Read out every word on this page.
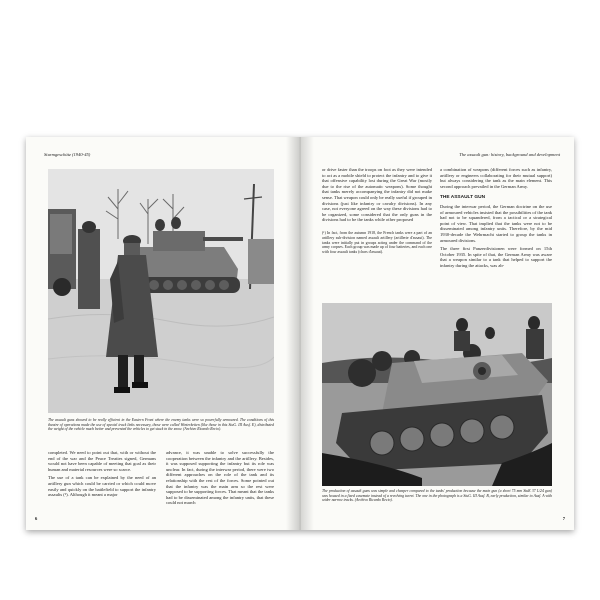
Sturmgeschütz (1940-45)
The assault guns showed to be really efficient in the Eastern Front where the enemy tanks were so powerfully armoured. The conditions of this theatre of operations made the use of special track links necessary, those were called Winterketten (like those in this StuG. III Ausf. E), distributed the weight of the vehicle much better and prevented the vehicles to get stuck in the snow. (Archivo Ricardo Recio).

completed. We need to point out that, with or without the end of the war and the Peace Treaties signed, Germans would not have been capable of meeting that goal as their human and material resources were so scarce.

The use of a tank can be explained by the need of an artillery gun which could be carried or which could move easily and quickly on the battlefield to support the infantry assaults (¹). Although it meant a major

advance, it was unable to solve successfully the cooperation between the infantry and the artillery. Besides, it was supposed supporting the infantry but its role was unclear. In fact, during the interwar period, there were two different approaches on the role of the tank and its relationship with the rest of the forces. Some pointed out that the infantry was the main arm so the rest were supposed to be supporting forces. That meant that the tanks had to be disseminated among the infantry units, that these could not march

6
The assault gun: history, background and development

or drive faster than the troops on foot as they were intended to act as a mobile shield to protect the infantry and to give it that offensive capability lost during the Great War (mostly due to the rise of the automatic weapons). Some thought that tanks merely accompanying the infantry did not make sense. That weapon could only be really useful if grouped in divisions (just like infantry or cavalry divisions). In any case, not everyone agreed on the way these divisions had to be organized, some considered that the only guns in the divisions had to be the tanks while other proposed

(¹) In fact, from the autumn 1918, the French tanks were a part of an artillery sub-division named assault artillery (artillerie d'assaut). The tanks were initially put in groups acting under the command of the army corpses. Each group was made up of four batteries, and each one with four assault tanks (chars d'assaut).

a combination of weapons (different forces such as infantry, artillery or engineers collaborating for their mutual support) but always considering the tank as the main element. This second approach prevailed in the German Army.

THE ASSAULT GUN

During the interwar period, the German doctrine on the use of armoured vehicles insisted that the possibilities of the tank had not to be squandered, from a tactical or a strategical point of view. That implied that the tanks were not to be disseminated among infantry units. Therefore, by the mid 1930-decade the Wehrmacht started to group the tanks in armoured divisions.

The three first Panzerdivisionen were formed on 15th October 1935. In spite of that, the German Army was aware that a weapon similar to a tank that helped to support the infantry during the attacks, was ab-

The production of assault guns was simple and cheaper compared to the tanks' production because the main gun (a short 75 mm StuK 37 L/24 gun) was housed in a fixed casemate instead of a revolving turret. The one in the photograph is a StuG. III Ausf. B, early production, similar to Ausf. A with wider narrow tracks. (Archivo Ricardo Recio).
7
